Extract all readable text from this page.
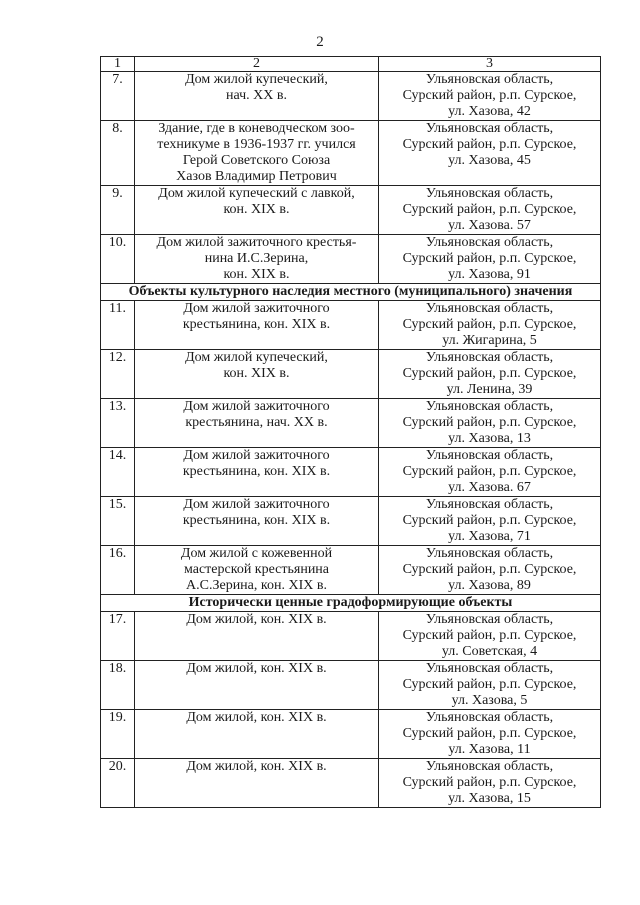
2
1	2	3
7.	Дом жилой купеческий,
нач. XX в.	Ульяновская область,
Сурский район, р.п. Сурское,
ул. Хазова, 42

8.	Здание, где в коневодческом зоо-
техникуме в 1936-1937 гг. учился
Герой Советского Союза
Хазов Владимир Петрович	Ульяновская область,
Сурский район, р.п. Сурское,
ул. Хазова, 45

9.	Дом жилой купеческий с лавкой,
кон. XIX в.	Ульяновская область,
Сурский район, р.п. Сурское,
ул. Хазова. 57

10.	Дом жилой зажиточного крестья-
нина И.С.Зерина,
кон. XIX в.	Ульяновская область,
Сурский район, р.п. Сурское,
ул. Хазова, 91

Объекты культурного наследия местного (муниципального) значения		
11.	Дом жилой зажиточного
крестьянина, кон. XIX в.	Ульяновская область,
Сурский район, р.п. Сурское,
ул. Жигарина, 5

12.	Дом жилой купеческий,
кон. XIX в.	Ульяновская область,
Сурский район, р.п. Сурское,
ул. Ленина, 39

13.	Дом жилой зажиточного
крестьянина, нач. XX в.	Ульяновская область,
Сурский район, р.п. Сурское,
ул. Хазова, 13

14.	Дом жилой зажиточного
крестьянина, кон. XIX в.	Ульяновская область,
Сурский район, р.п. Сурское,
ул. Хазова. 67

15.	Дом жилой зажиточного
крестьянина, кон. XIX в.	Ульяновская область,
Сурский район, р.п. Сурское,
ул. Хазова, 71

16.	Дом жилой с кожевенной
мастерской крестьянина
А.С.Зерина, кон. XIX в.	Ульяновская область,
Сурский район, р.п. Сурское,
ул. Хазова, 89

Исторически ценные градоформирующие объекты		
17.	Дом жилой, кон. XIX в.	Ульяновская область,
Сурский район, р.п. Сурское,
ул. Советская, 4

18.	Дом жилой, кон. XIX в.	Ульяновская область,
Сурский район, р.п. Сурское,
ул. Хазова, 5

19.	Дом жилой, кон. XIX в.	Ульяновская область,
Сурский район, р.п. Сурское,
ул. Хазова, 11

20.	Дом жилой, кон. XIX в.	Ульяновская область,
Сурский район, р.п. Сурское,
ул. Хазова, 15
